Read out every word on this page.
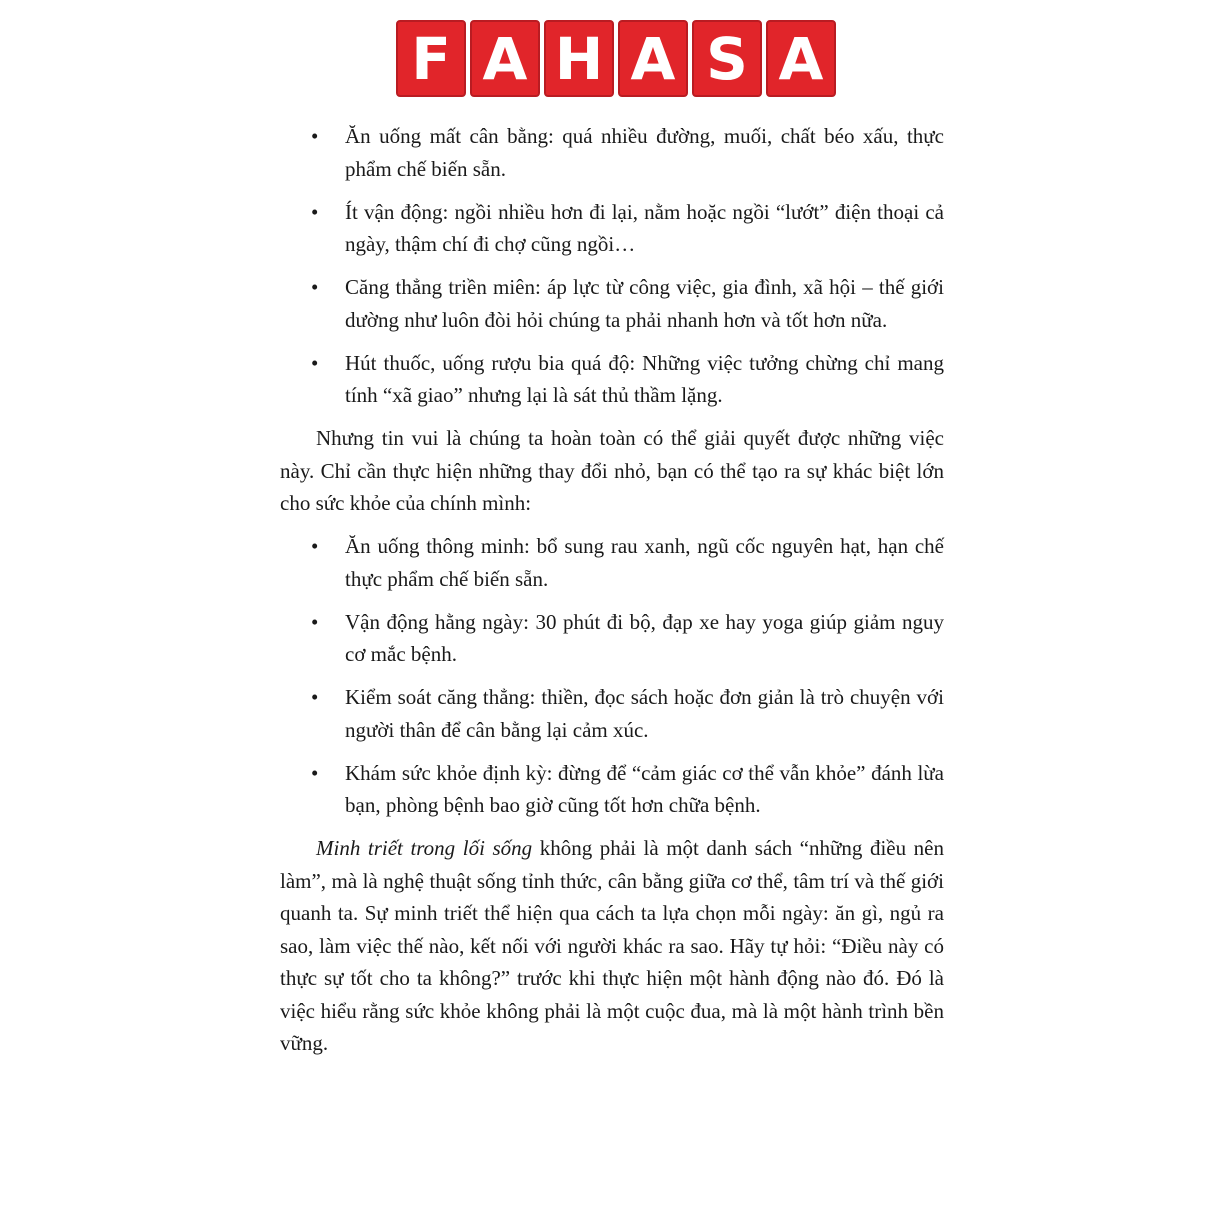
F A H A S A
• Ăn uống mất cân bằng: quá nhiều đường, muối, chất béo xấu, thực phẩm chế biến sẵn.
• Ít vận động: ngồi nhiều hơn đi lại, nằm hoặc ngồi “lướt” điện thoại cả ngày, thậm chí đi chợ cũng ngồi…
• Căng thẳng triền miên: áp lực từ công việc, gia đình, xã hội – thế giới dường như luôn đòi hỏi chúng ta phải nhanh hơn và tốt hơn nữa.
• Hút thuốc, uống rượu bia quá độ: Những việc tưởng chừng chỉ mang tính “xã giao” nhưng lại là sát thủ thầm lặng.

Nhưng tin vui là chúng ta hoàn toàn có thể giải quyết được những việc này. Chỉ cần thực hiện những thay đổi nhỏ, bạn có thể tạo ra sự khác biệt lớn cho sức khỏe của chính mình:

• Ăn uống thông minh: bổ sung rau xanh, ngũ cốc nguyên hạt, hạn chế thực phẩm chế biến sẵn.
• Vận động hằng ngày: 30 phút đi bộ, đạp xe hay yoga giúp giảm nguy cơ mắc bệnh.
• Kiểm soát căng thẳng: thiền, đọc sách hoặc đơn giản là trò chuyện với người thân để cân bằng lại cảm xúc.
• Khám sức khỏe định kỳ: đừng để “cảm giác cơ thể vẫn khỏe” đánh lừa bạn, phòng bệnh bao giờ cũng tốt hơn chữa bệnh.

Minh triết trong lối sống không phải là một danh sách “những điều nên làm”, mà là nghệ thuật sống tỉnh thức, cân bằng giữa cơ thể, tâm trí và thế giới quanh ta. Sự minh triết thể hiện qua cách ta lựa chọn mỗi ngày: ăn gì, ngủ ra sao, làm việc thế nào, kết nối với người khác ra sao. Hãy tự hỏi: “Điều này có thực sự tốt cho ta không?” trước khi thực hiện một hành động nào đó. Đó là việc hiểu rằng sức khỏe không phải là một cuộc đua, mà là một hành trình bền vững.
